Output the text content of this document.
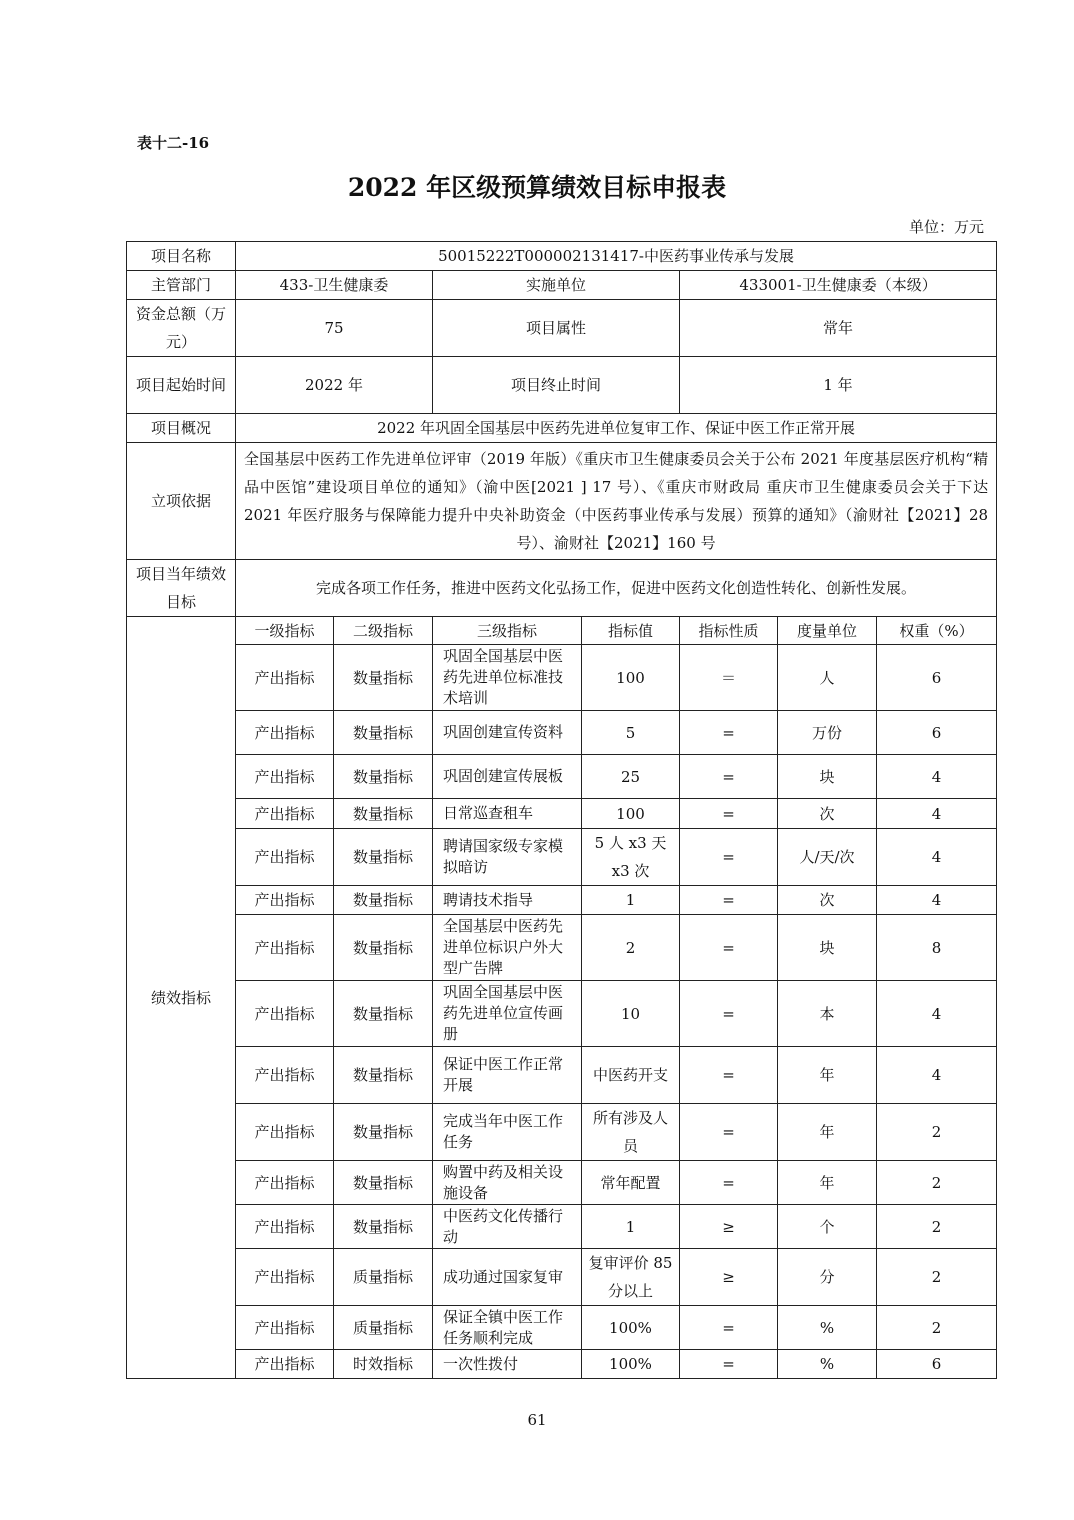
表十二-16
2022 年区级预算绩效目标申报表
单位：万元
项目名称	50015222T000002131417-中医药事业传承与发展						
主管部门	433-卫生健康委		实施单位		433001-卫生健康委（本级）		
资金总额（万元）	75		项目属性		常年		
项目起始时间	2022 年		项目终止时间		1 年		
项目概况	2022 年巩固全国基层中医药先进单位复审工作、保证中医工作正常开展						
立项依据	全国基层中医药工作先进单位评审（2019 年版）《重庆市卫生健康委员会关于公布 2021 年度基层医疗机构“精品中医馆”建设项目单位的通知》（渝中医[2021 ] 17 号）、《重庆市财政局 重庆市卫生健康委员会关于下达 2021 年医疗服务与保障能力提升中央补助资金（中医药事业传承与发展）预算的通知》（渝财社【2021】28 号）、渝财社【2021】160 号						
项目当年绩效目标	完成各项工作任务，推进中医药文化弘扬工作，促进中医药文化创造性转化、创新性发展。						
绩效指标	一级指标	二级指标	三级指标	指标值	指标性质	度量单位	权重（%）
	产出指标	数量指标	巩固全国基层中医药先进单位标准技术培训	100	＝	人	6
	产出指标	数量指标	巩固创建宣传资料	5	=	万份	6
	产出指标	数量指标	巩固创建宣传展板	25	=	块	4
	产出指标	数量指标	日常巡查租车	100	=	次	4
	产出指标	数量指标	聘请国家级专家模拟暗访	5 人 x3 天 x3 次	=	人/天/次	4
	产出指标	数量指标	聘请技术指导	1	=	次	4
	产出指标	数量指标	全国基层中医药先进单位标识户外大型广告牌	2	=	块	8
	产出指标	数量指标	巩固全国基层中医药先进单位宣传画册	10	=	本	4
	产出指标	数量指标	保证中医工作正常开展	中医药开支	=	年	4
	产出指标	数量指标	完成当年中医工作任务	所有涉及人员	=	年	2
	产出指标	数量指标	购置中药及相关设施设备	常年配置	=	年	2
	产出指标	数量指标	中医药文化传播行动	1	≥	个	2
	产出指标	质量指标	成功通过国家复审	复审评价 85 分以上	≥	分	2
	产出指标	质量指标	保证全镇中医工作任务顺利完成	100%	=	%	2
	产出指标	时效指标	一次性拨付	100%	=	%	6
61
